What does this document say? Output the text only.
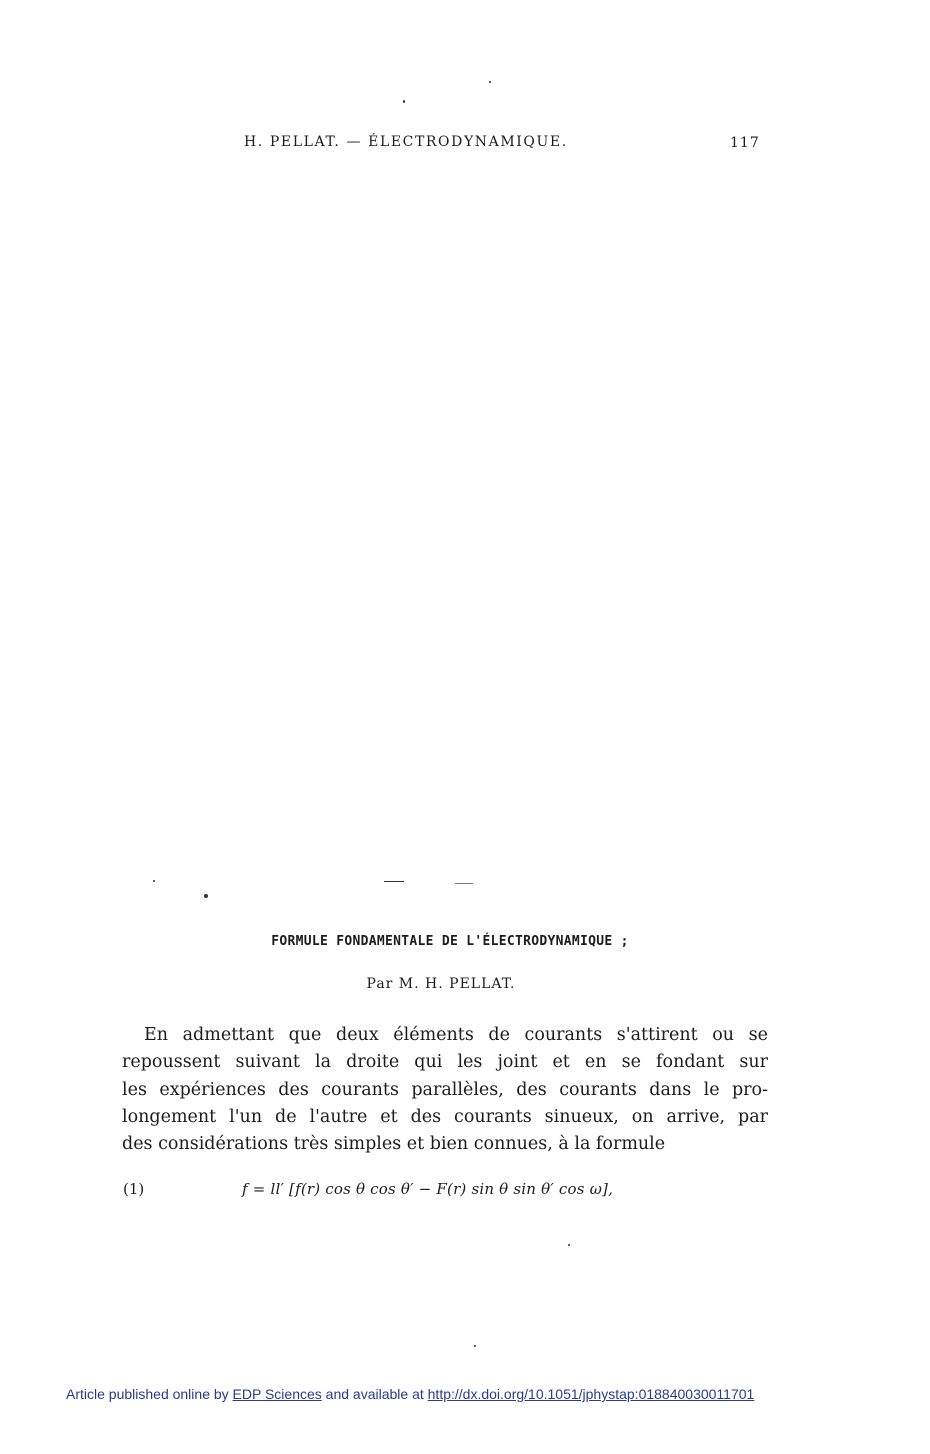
H. PELLAT. — ÉLECTRODYNAMIQUE.	117
FORMULE FONDAMENTALE DE L'ÉLECTRODYNAMIQUE ;
Par M. H. PELLAT.
En admettant que deux éléments de courants s'attirent ou se
repoussent suivant la droite qui les joint et en se fondant sur
les expériences des courants parallèles, des courants dans le pro-
longement l'un de l'autre et des courants sinueux, on arrive, par
des considérations très simples et bien connues, à la formule
(1)	f = ll′ [f(r) cos θ cos θ′ − F(r) sin θ sin θ′ cos ω],
Article published online by EDP Sciences and available at http://dx.doi.org/10.1051/jphystap:018840030011701
